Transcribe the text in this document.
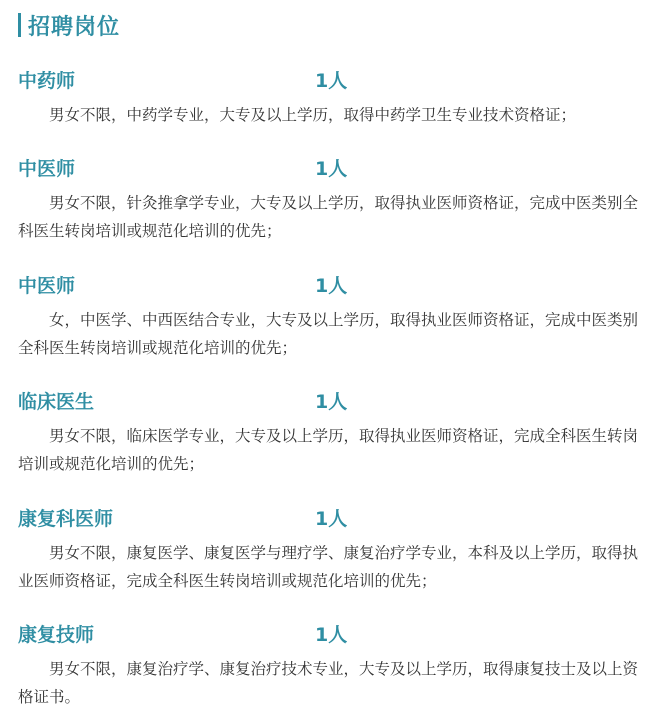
招聘岗位
中药师	1人
男女不限，中药学专业，大专及以上学历，取得中药学卫生专业技术资格证；
中医师	1人
男女不限，针灸推拿学专业，大专及以上学历，取得执业医师资格证，完成中医类别全科医生转岗培训或规范化培训的优先；
中医师	1人
女，中医学、中西医结合专业，大专及以上学历，取得执业医师资格证，完成中医类别全科医生转岗培训或规范化培训的优先；
临床医生	1人
男女不限，临床医学专业，大专及以上学历，取得执业医师资格证，完成全科医生转岗培训或规范化培训的优先；
康复科医师	1人
男女不限，康复医学、康复医学与理疗学、康复治疗学专业，本科及以上学历，取得执业医师资格证，完成全科医生转岗培训或规范化培训的优先；
康复技师	1人
男女不限，康复治疗学、康复治疗技术专业，大专及以上学历，取得康复技士及以上资格证书。
